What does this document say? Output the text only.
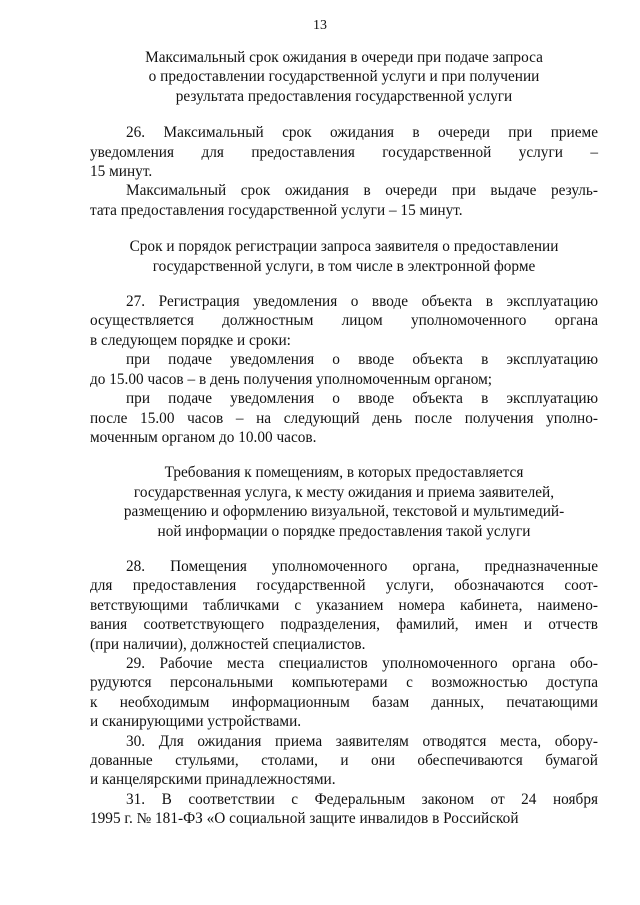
13
Максимальный срок ожидания в очереди при подаче запроса
о предоставлении государственной услуги и при получении
результата предоставления государственной услуги
26. Максимальный срок ожидания в очереди при приеме
уведомления для предоставления государственной услуги –
15 минут.
Максимальный срок ожидания в очереди при выдаче резуль-
тата предоставления государственной услуги – 15 минут.
Срок и порядок регистрации запроса заявителя о предоставлении
государственной услуги, в том числе в электронной форме
27. Регистрация уведомления о вводе объекта в эксплуатацию
осуществляется должностным лицом уполномоченного органа
в следующем порядке и сроки:
при подаче уведомления о вводе объекта в эксплуатацию
до 15.00 часов – в день получения уполномоченным органом;
при подаче уведомления о вводе объекта в эксплуатацию
после 15.00 часов – на следующий день после получения уполно-
моченным органом до 10.00 часов.
Требования к помещениям, в которых предоставляется
государственная услуга, к месту ожидания и приема заявителей,
размещению и оформлению визуальной, текстовой и мультимедий-
ной информации о порядке предоставления такой услуги
28. Помещения уполномоченного органа, предназначенные
для предоставления государственной услуги, обозначаются соот-
ветствующими табличками с указанием номера кабинета, наимено-
вания соответствующего подразделения, фамилий, имен и отчеств
(при наличии), должностей специалистов.
29. Рабочие места специалистов уполномоченного органа обо-
рудуются персональными компьютерами с возможностью доступа
к необходимым информационным базам данных, печатающими
и сканирующими устройствами.
30. Для ожидания приема заявителям отводятся места, обору-
дованные стульями, столами, и они обеспечиваются бумагой
и канцелярскими принадлежностями.
31. В соответствии с Федеральным законом от 24 ноября
1995 г. № 181-ФЗ «О социальной защите инвалидов в Российской
